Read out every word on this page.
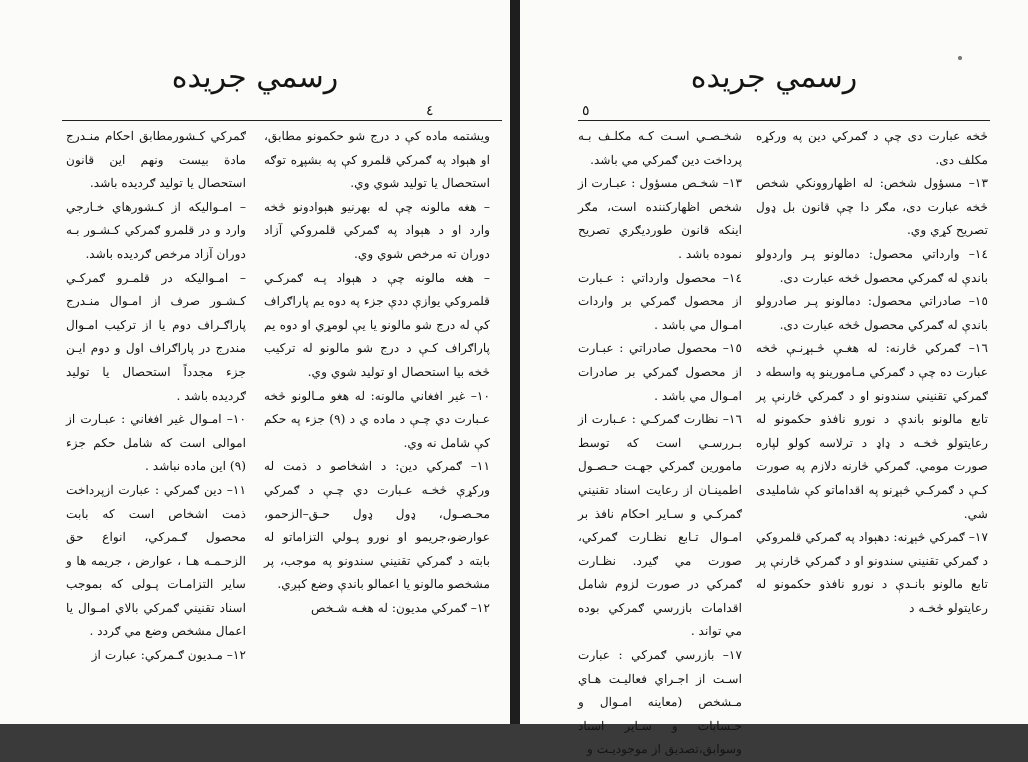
رسمي جريده
٤

ويشتمه ماده كې د درج شو حكمونو مطابق، او هېواد په ګمركي قلمرو كې په بشپړه توګه استحصال يا توليد شوي وي.

– هغه مالونه چې له بهرنيو هېوادونو څخه وارد او د هېواد په ګمركي قلمروكي آزاد دوران ته مرخص شوي وي.

– هغه مالونه چې د هېواد پـه ګمركـي قلمروكي يوازې ددې جزء په دوه يم پاراګراف كې له درج شو مالونو يا يې لومړي او دوه يم پاراګراف كـې د درج شو مالونو له تركيب څخه بيا استحصال او توليد شوي وي.

١٠– غير افغاني مالونه: له هغو مـالونو څخه عـبارت دي چـې د ماده ي د (٩) جزء په حكم كې شامل نه وي.

١١– ګمركي دين: د اشخاصو د ذمت له وركړې څخـه عـبارت دي چـې د ګمركي محـصـول، ډول ډول حـق–الزحمو، عوارضو،جريمو او نورو پـولي التزاماتو له بابته د ګمركي تقنيني سندونو په موجب، پر مشخصو مالونو يا اعمالو باندې وضع كېږي.

١٢– ګمركي مديون: له هغـه شـخص

ګمركي كـشورمطابق احكام منـدرج مادة بيست ونهم اين قانون استحصال يا توليد ګرديده باشد.

– امـوالیكه از كـشورهاي خـارجي وارد و در قلمرو ګمركي كـشـور بـه دوران آزاد مرخص ګرديده باشد.

– امـوالیكه در قلمـرو ګمركـي كـشـور صرف از امـوال منـدرج پاراګـراف دوم يا از تركيب امـوال مندرج در پاراګراف اول و دوم ايـن جزء مجدداً استحصال يا توليد ګرديده باشد .

١٠– امـوال غير افغاني : عبـارت از اموالی است كه شامل حكم جزء (٩) اين ماده نباشد .

١١– دين ګمركي : عبارت ازپرداخت ذمت اشخاص است كه بابت محصول ګـمركي، انواع حق الزحـمـه هـا ، عوارض ، جريمه ها و ساير التزامـات پـولی كه بموجب اسناد تقنيني ګمركي بالاي امـوال يا اعمال مشخص وضع مي ګردد .

١٢– مـديون ګـمركي: عبارت از

رسمي جريده
٥

څخه عبارت دى چې د ګمركي دين په وركړه مكلف دى.

١٣– مسؤول شخص: له اظهاروونكي شخص څخه عبارت دى، مګر دا چې قانون بل ډول تصريح كړي وي.

١٤– وارداتي محصول: دمالونو پـر واردولو باندې له ګمركي محصول څخه عبارت دى.

١٥– صادراتي محصول: دمالونو پـر صادرولو باندې له ګمركي محصول څخه عبارت دى.

١٦– ګمركي څارنه: له هغـې څـېړنـې څخه عبارت ده چې د ګمركي مـامورينو په واسطه د ګمركي تقنيني سندونو او د ګمركي څارنې پر تابع مالونو باندې د نورو نافذو حكمونو له رعايتولو څخـه د ډاډ د ترلاسه كولو لپاره صورت مومي. ګمركي څارنه دلازم په صورت كـې د ګمركـي څېړنو په اقداماتو كې شامليدى شي.

١٧– ګمركي څېړنه: دهېواد په ګمركي قلمروكي د ګمركي تقنيني سندونو او د ګمركي څارنې پر تابع مالونو بانـدې د نورو نافذو حكمونو له رعايتولو څخـه د

شخـصـي اسـت كـه مكلـف بـه پرداخت دين ګمركي مي باشد.

١٣– شخـص مسؤول : عبـارت از شخص اظهاركننده است، مګر اينكه قانون طوردیګري تصريح نموده باشد .

١٤– محصول وارداتي : عـبارت از محصول ګمركي بر واردات امـوال مي باشد .

١٥– محصول صادراتي : عبـارت از محصول ګمركي بر صادرات امـوال مي باشد .

١٦– نظارت ګمركـي : عـبارت از بـررسـي است كه توسط مامورين ګمركي جهـت حـصـول اطمينـان از رعايت اسناد تقنيني ګمركـي و سـاير احكام نافذ بر امـوال تـابع نظـارت ګمركي، صورت مي ګيرد. نظـارت ګمركي در صورت لزوم شامل اقدامات بازرسي ګمركي بوده مي تواند .

١٧– بازرسي ګمركي : عبارت اسـت از اجـراي فعاليـت هـاي مـشخص (معاينه امـوال و حـسابات و سـاير اسناد وسوابق،تصديق از موجوديـت و
